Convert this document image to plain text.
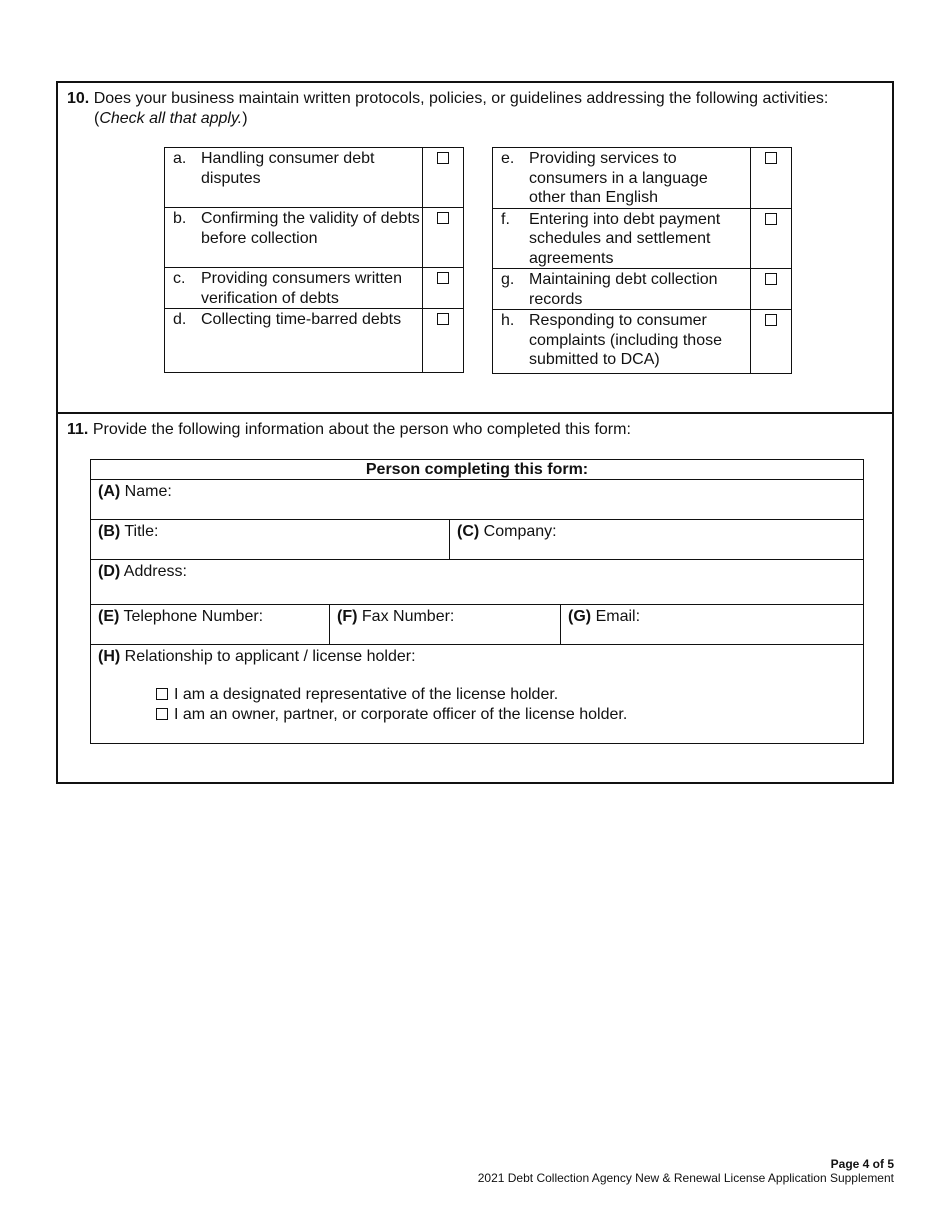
10. Does your business maintain written protocols, policies, or guidelines addressing the following activities:
(Check all that apply.)
a. Handling consumer debt disputes	

b. Confirming the validity of debts before collection	

c. Providing consumers written verification of debts	

d. Collecting time-barred debts	

e. Providing services to consumers in a language other than English	

f. Entering into debt payment schedules and settlement agreements	

g. Maintaining debt collection records	

h. Responding to consumer complaints (including those submitted to DCA)	

11. Provide the following information about the person who completed this form:
Person completing this form:			
(A) Name:			
(B) Title:		(C) Company:	
(D) Address:			
(E) Telephone Number:	(F) Fax Number:		(G) Email:

(H) Relationship to applicant / license holder:
I am a designated representative of the license holder.
I am an owner, partner, or corporate officer of the license holder.			
Page 4 of 5
2021 Debt Collection Agency New & Renewal License Application Supplement
